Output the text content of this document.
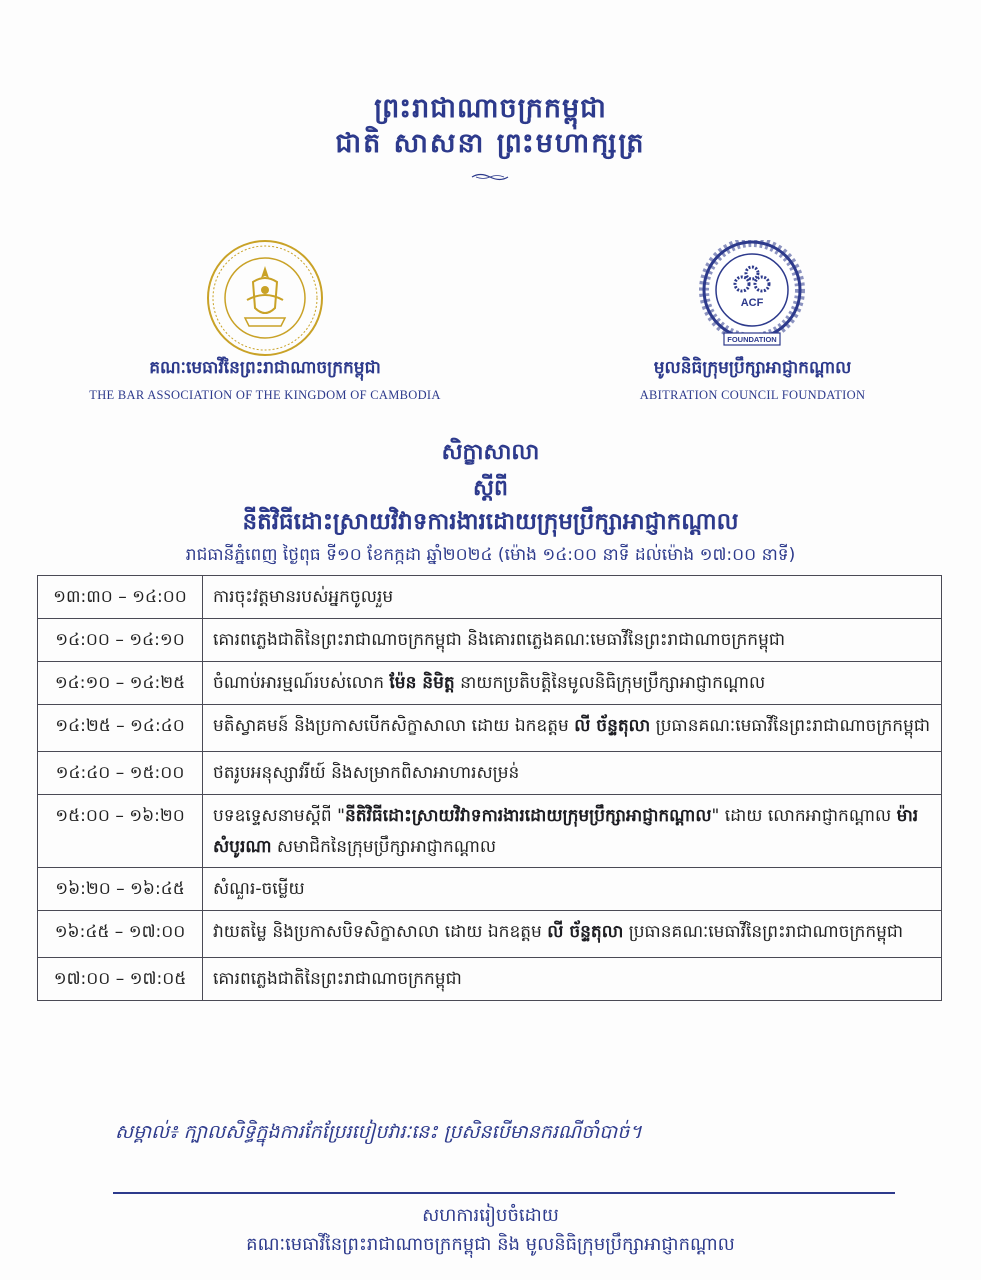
ព្រះរាជាណាចក្រកម្ពុជា
ជាតិ សាសនា ព្រះមហាក្សត្រ
ACF
FOUNDATION
គណៈមេធាវីនៃព្រះរាជាណាចក្រកម្ពុជា
THE BAR ASSOCIATION OF THE KINGDOM OF CAMBODIA
មូលនិធិក្រុមប្រឹក្សាអាជ្ញាកណ្ដាល
ABITRATION COUNCIL FOUNDATION
សិក្ខាសាលា
ស្ដីពី
នីតិវិធីដោះស្រាយវិវាទការងារដោយក្រុមប្រឹក្សាអាជ្ញាកណ្ដាល
រាជធានីភ្នំពេញ ថ្ងៃពុធ ទី១០ ខែកក្កដា ឆ្នាំ២០២៤ (ម៉ោង ១៤:០០ នាទី ដល់ម៉ោង ១៧:០០ នាទី)
១៣:៣០ – ១៤:០០	ការចុះវត្តមានរបស់អ្នកចូលរួម
១៤:០០ – ១៤:១០	គោរពភ្លេងជាតិនៃព្រះរាជាណាចក្រកម្ពុជា និងគោរពភ្លេងគណៈមេធាវីនៃព្រះរាជាណាចក្រកម្ពុជា
១៤:១០ – ១៤:២៥	ចំណាប់អារម្មណ៍របស់លោក ម៉ែន និមិត្ត នាយកប្រតិបត្តិនៃមូលនិធិក្រុមប្រឹក្សាអាជ្ញាកណ្ដាល
១៤:២៥ – ១៤:៤០	មតិស្វាគមន៍ និងប្រកាសបើកសិក្ខាសាលា ដោយ ឯកឧត្ដម លី ច័ន្ទតុលា ប្រធានគណៈមេធាវីនៃព្រះរាជាណាចក្រកម្ពុជា
១៤:៤០ – ១៥:០០	ថតរូបអនុស្សាវរីយ៍ និងសម្រាកពិសាអាហារសម្រន់
១៥:០០ – ១៦:២០	បទឧទ្ទេសនាមស្ដីពី "នីតិវិធីដោះស្រាយវិវាទការងារដោយក្រុមប្រឹក្សាអាជ្ញាកណ្ដាល" ដោយ លោកអាជ្ញាកណ្ដាល ម៉ារ សំបូរណា សមាជិកនៃក្រុមប្រឹក្សាអាជ្ញាកណ្ដាល
១៦:២០ – ១៦:៤៥	សំណួរ-ចម្លើយ
១៦:៤៥ – ១៧:០០	វាយតម្លៃ និងប្រកាសបិទសិក្ខាសាលា ដោយ ឯកឧត្ដម លី ច័ន្ទតុលា ប្រធានគណៈមេធាវីនៃព្រះរាជាណាចក្រកម្ពុជា
១៧:០០ – ១៧:០៥	គោរពភ្លេងជាតិនៃព្រះរាជាណាចក្រកម្ពុជា
សម្គាល់៖ ក្បាលសិទ្ធិក្នុងការកែប្រែរបៀបវារៈនេះ ប្រសិនបើមានករណីចាំបាច់។
សហការរៀបចំដោយ
គណៈមេធាវីនៃព្រះរាជាណាចក្រកម្ពុជា និង មូលនិធិក្រុមប្រឹក្សាអាជ្ញាកណ្ដាល
